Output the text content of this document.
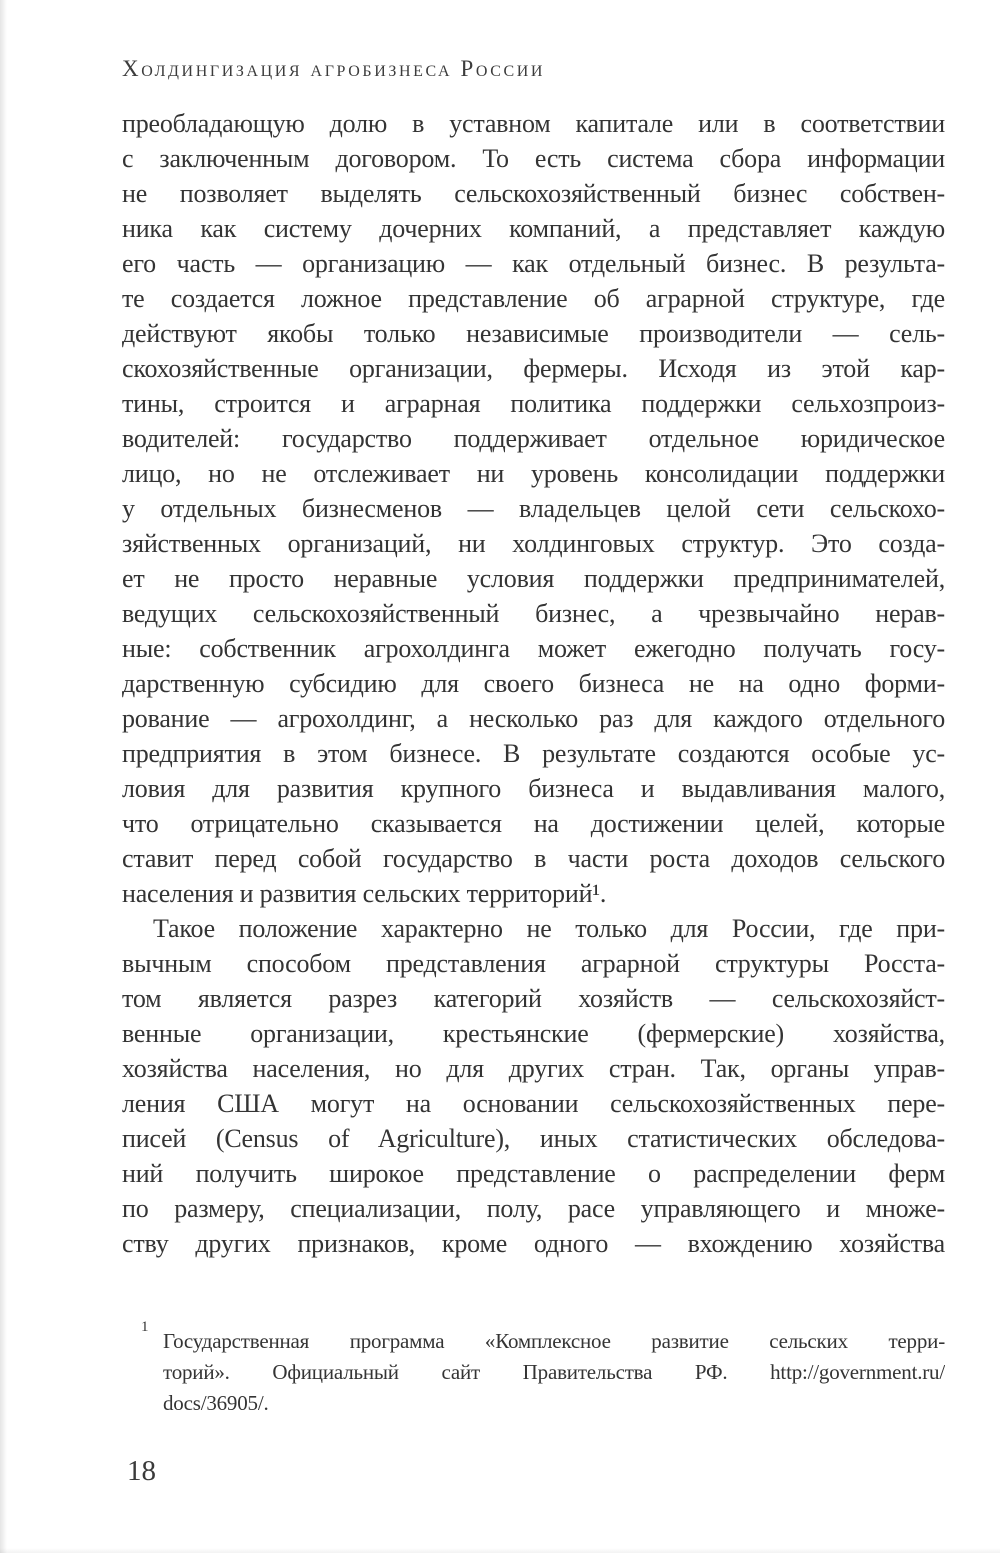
Холдингизация агробизнеса России
преобладающую долю в уставном капитале или в соответствии
с заключенным договором. То есть система сбора информации
не позволяет выделять сельскохозяйственный бизнес собствен-
ника как систему дочерних компаний, а представляет каждую
его часть — организацию — как отдельный бизнес. В результа-
те создается ложное представление об аграрной структуре, где
действуют якобы только независимые производители — сель-
скохозяйственные организации, фермеры. Исходя из этой кар-
тины, строится и аграрная политика поддержки сельхозпроиз-
водителей: государство поддерживает отдельное юридическое
лицо, но не отслеживает ни уровень консолидации поддержки
у отдельных бизнесменов — владельцев целой сети сельскохо-
зяйственных организаций, ни холдинговых структур. Это созда-
ет не просто неравные условия поддержки предпринимателей,
ведущих сельскохозяйственный бизнес, а чрезвычайно нерав-
ные: собственник агрохолдинга может ежегодно получать госу-
дарственную субсидию для своего бизнеса не на одно форми-
рование — агрохолдинг, а несколько раз для каждого отдельного
предприятия в этом бизнесе. В результате создаются особые ус-
ловия для развития крупного бизнеса и выдавливания малого,
что отрицательно сказывается на достижении целей, которые
ставит перед собой государство в части роста доходов сельского
населения и развития сельских территорий¹.
Такое положение характерно не только для России, где при-
вычным способом представления аграрной структуры Росста-
том является разрез категорий хозяйств — сельскохозяйст-
венные организации, крестьянские (фермерские) хозяйства,
хозяйства населения, но для других стран. Так, органы управ-
ления США могут на основании сельскохозяйственных пере-
писей (Census of Agriculture), иных статистических обследова-
ний получить широкое представление о распределении ферм
по размеру, специализации, полу, расе управляющего и множе-
ству других признаков, кроме одного — вхождению хозяйства
1
Государственная программа «Комплексное развитие сельских терри-
торий». Официальный сайт Правительства РФ. http://government.ru/
docs/36905/.
18
